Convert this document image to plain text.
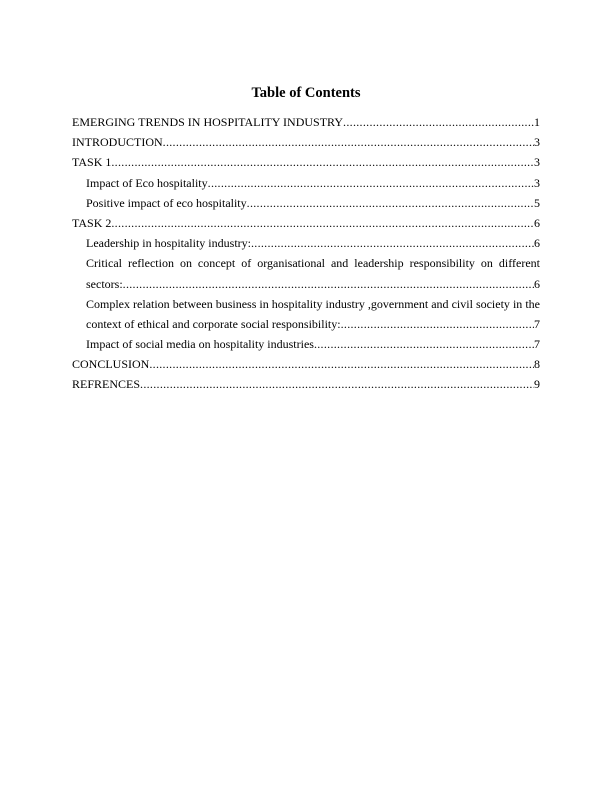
Table of Contents
EMERGING TRENDS IN HOSPITALITY INDUSTRY .....	1
INTRODUCTION .....	3
TASK 1 .....	3
Impact of Eco hospitality .....	3
Positive impact of eco hospitality .....	5
TASK 2 .....	6
Leadership in hospitality industry: .....	6
Critical reflection on concept of organisational and leadership responsibility on different
sectors: .....	6
Complex relation between business in hospitality industry ,government and civil society in the
context of ethical and corporate social responsibility: .....	7
Impact of social media on hospitality industries .....	7
CONCLUSION .....	8
REFRENCES .....	9
